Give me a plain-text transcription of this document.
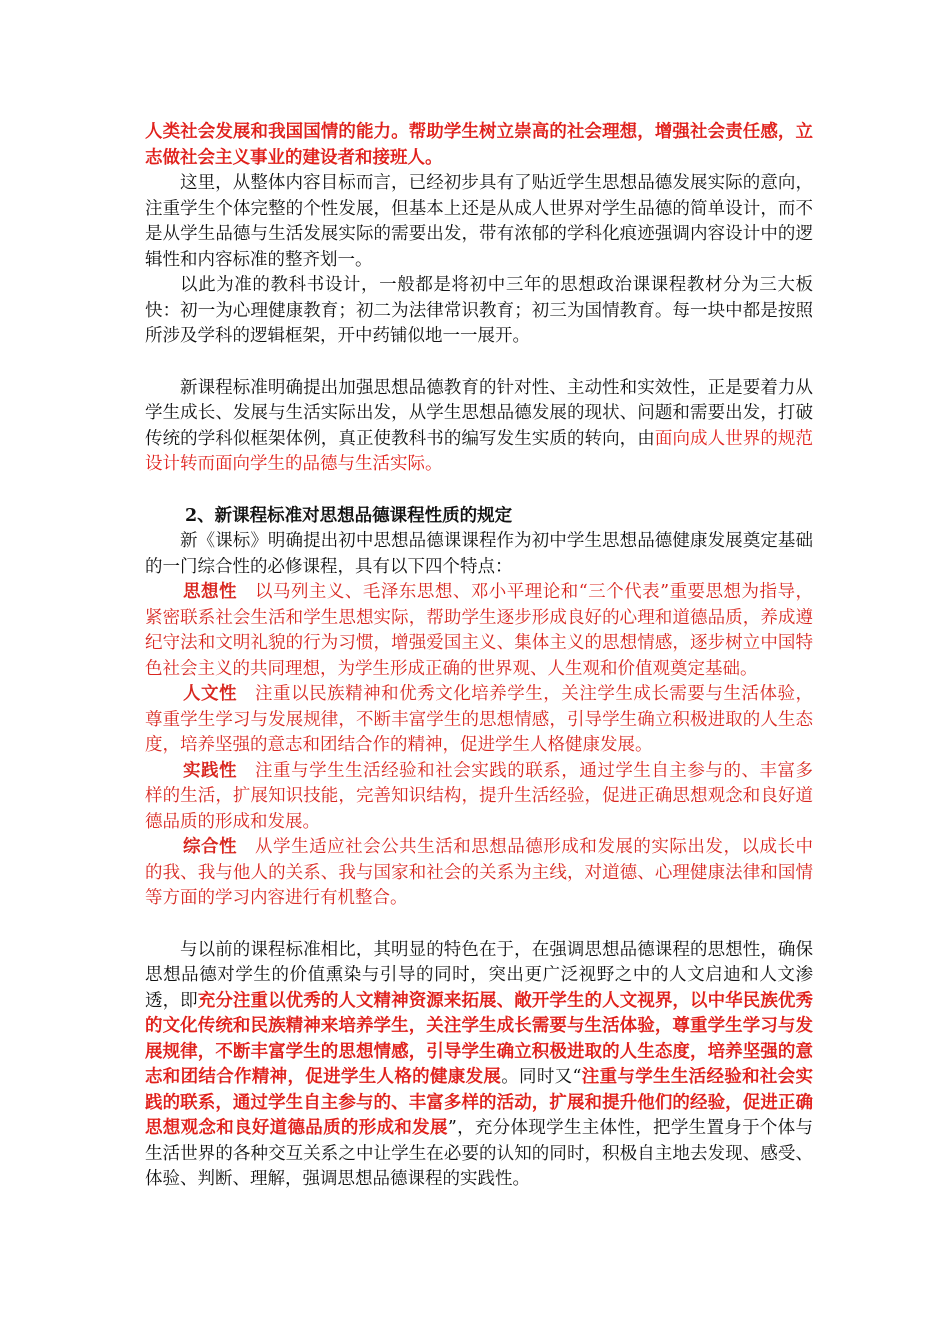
人类社会发展和我国国情的能力。帮助学生树立崇高的社会理想，增强社会责任感，立志做社会主义事业的建设者和接班人。

这里，从整体内容目标而言，已经初步具有了贴近学生思想品德发展实际的意向，注重学生个体完整的个性发展，但基本上还是从成人世界对学生品德的简单设计，而不是从学生品德与生活发展实际的需要出发，带有浓郁的学科化痕迹强调内容设计中的逻辑性和内容标准的整齐划一。

以此为准的教科书设计，一般都是将初中三年的思想政治课课程教材分为三大板快：初一为心理健康教育；初二为法律常识教育；初三为国情教育。每一块中都是按照所涉及学科的逻辑框架，开中药铺似地一一展开。

新课程标准明确提出加强思想品德教育的针对性、主动性和实效性，正是要着力从学生成长、发展与生活实际出发，从学生思想品德发展的现状、问题和需要出发，打破传统的学科似框架体例，真正使教科书的编写发生实质的转向，由面向成人世界的规范设计转而面向学生的品德与生活实际。

2、新课程标准对思想品德课程性质的规定

新《课标》明确提出初中思想品德课课程作为初中学生思想品德健康发展奠定基础的一门综合性的必修课程，具有以下四个特点：

思想性 以马列主义、毛泽东思想、邓小平理论和“三个代表”重要思想为指导，紧密联系社会生活和学生思想实际，帮助学生逐步形成良好的心理和道德品质，养成遵纪守法和文明礼貌的行为习惯，增强爱国主义、集体主义的思想情感，逐步树立中国特色社会主义的共同理想，为学生形成正确的世界观、人生观和价值观奠定基础。

人文性 注重以民族精神和优秀文化培养学生，关注学生成长需要与生活体验，尊重学生学习与发展规律，不断丰富学生的思想情感，引导学生确立积极进取的人生态度，培养坚强的意志和团结合作的精神，促进学生人格健康发展。

实践性 注重与学生生活经验和社会实践的联系，通过学生自主参与的、丰富多样的生活，扩展知识技能，完善知识结构，提升生活经验，促进正确思想观念和良好道德品质的形成和发展。

综合性 从学生适应社会公共生活和思想品德形成和发展的实际出发，以成长中的我、我与他人的关系、我与国家和社会的关系为主线，对道德、心理健康法律和国情等方面的学习内容进行有机整合。

与以前的课程标准相比，其明显的特色在于，在强调思想品德课程的思想性，确保思想品德对学生的价值熏染与引导的同时，突出更广泛视野之中的人文启迪和人文渗透，即充分注重以优秀的人文精神资源来拓展、敞开学生的人文视界，以中华民族优秀的文化传统和民族精神来培养学生，关注学生成长需要与生活体验，尊重学生学习与发展规律，不断丰富学生的思想情感，引导学生确立积极进取的人生态度，培养坚强的意志和团结合作精神，促进学生人格的健康发展。同时又“注重与学生生活经验和社会实践的联系，通过学生自主参与的、丰富多样的活动，扩展和提升他们的经验，促进正确思想观念和良好道德品质的形成和发展”，充分体现学生主体性，把学生置身于个体与生活世界的各种交互关系之中让学生在必要的认知的同时，积极自主地去发现、感受、体验、判断、理解，强调思想品德课程的实践性。
